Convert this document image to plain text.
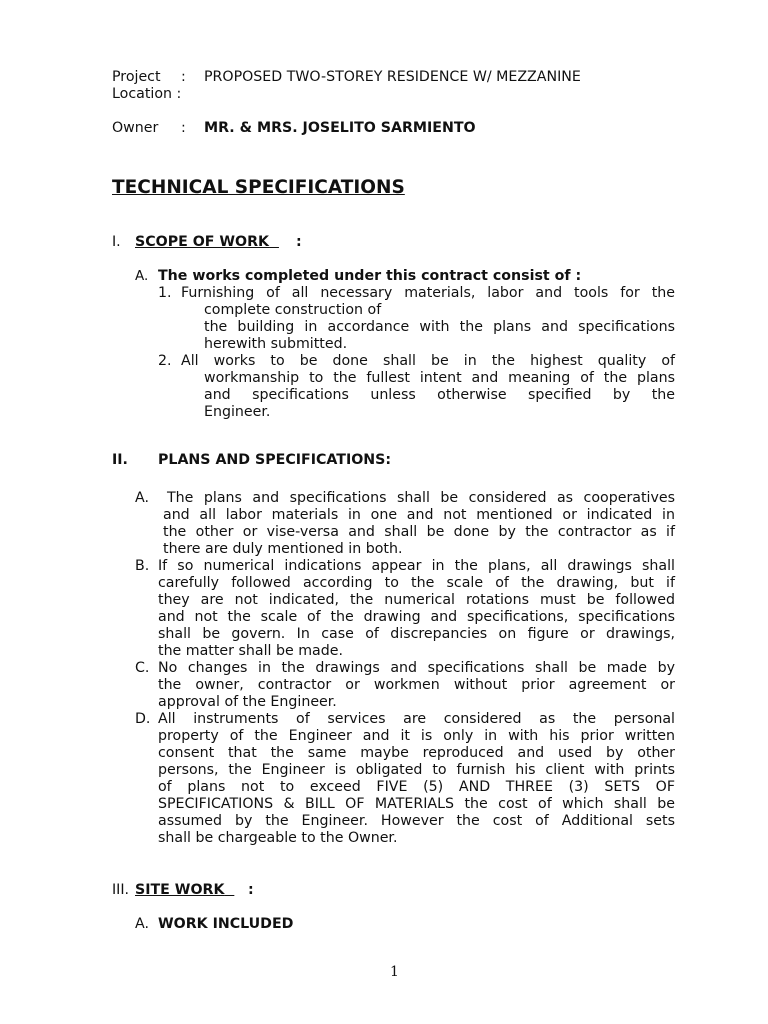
Project : PROPOSED TWO-STOREY RESIDENCE W/ MEZZANINE
Location :
Owner : MR. & MRS. JOSELITO SARMIENTO
TECHNICAL SPECIFICATIONS
I. SCOPE OF WORK	:
A. The works completed under this contract consist of :
1. Furnishing of all necessary materials, labor and tools for the
complete construction of
the building in accordance with the plans and specifications
herewith submitted.
2. All works to be done shall be in the highest quality of
workmanship to the fullest intent and meaning of the plans
and specifications unless otherwise specified by the
Engineer.
II. PLANS AND SPECIFICATIONS:
A. The plans and specifications shall be considered as cooperatives
and all labor materials in one and not mentioned or indicated in
the other or vise-versa and shall be done by the contractor as if
there are duly mentioned in both.
B. If so numerical indications appear in the plans, all drawings shall
carefully followed according to the scale of the drawing, but if
they are not indicated, the numerical rotations must be followed
and not the scale of the drawing and specifications, specifications
shall be govern. In case of discrepancies on figure or drawings,
the matter shall be made.
C. No changes in the drawings and specifications shall be made by
the owner, contractor or workmen without prior agreement or
approval of the Engineer.
D. All instruments of services are considered as the personal
property of the Engineer and it is only in with his prior written
consent that the same maybe reproduced and used by other
persons, the Engineer is obligated to furnish his client with prints
of plans not to exceed FIVE (5) AND THREE (3) SETS OF
SPECIFICATIONS & BILL OF MATERIALS the cost of which shall be
assumed by the Engineer. However the cost of Additional sets
shall be chargeable to the Owner.
III. SITE WORK	:
A. WORK INCLUDED
1
